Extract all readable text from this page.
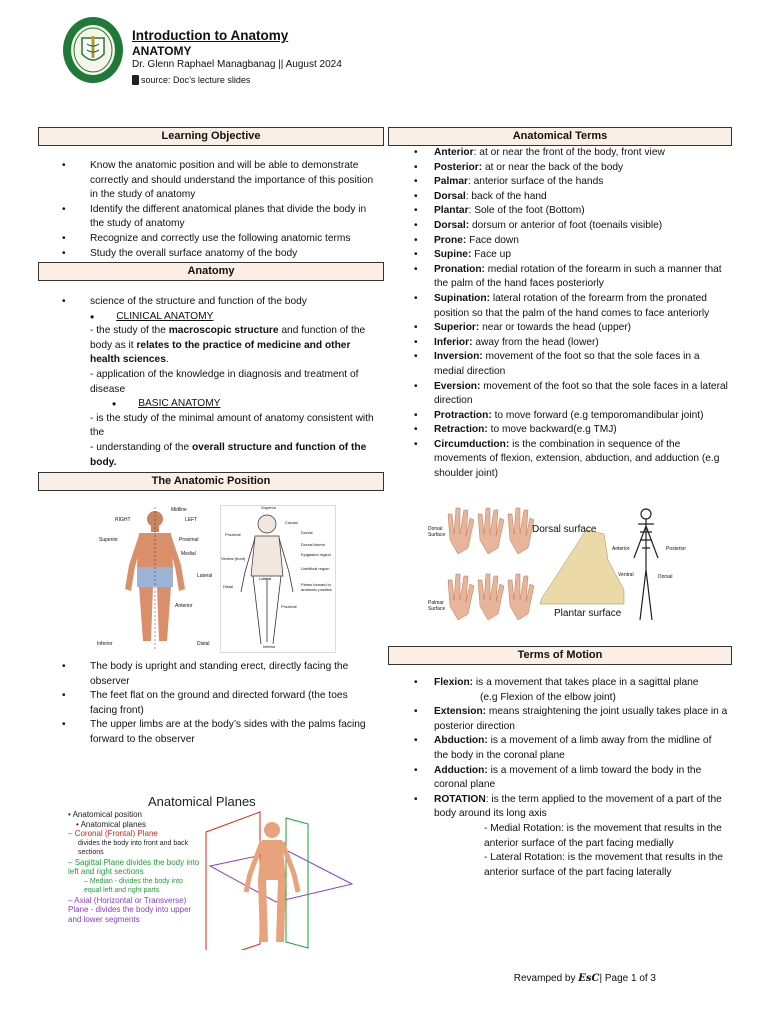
Introduction to Anatomy
ANATOMY
Dr. Glenn Raphael Managbanag || August 2024
source: Doc’s lecture slides
Learning Objective
• Know the anatomic position and will be able to demonstrate correctly and should understand the importance of this position in the study of anatomy
• Identify the different anatomical planes that divide the body in the study of anatomy
• Recognize and correctly use the following anatomic terms
• Study the overall surface anatomy of the body
Anatomy
• science of the structure and function of the body
• CLINICAL ANATOMY
- the study of the macroscopic structure and function of the body as it relates to the practice of medicine and other health sciences.
- application of the knowledge in diagnosis and treatment of disease
• BASIC ANATOMY
- is the study of the minimal amount of anatomy consistent with the
- understanding of the overall structure and function of the body.
The Anatomic Position
Midline
RIGHT	LEFT
Superior	Proximal
Medial
Lateral
Distal
Inferior
Anterior
Superior
Cranial
Proximal	Dorsal
Ventral (front)
Dorsal thumb
Epigastric region
Umbilical region
Distal
Lateral
Palms forward in anatomic position
Proximal
Inferior
• The body is upright and standing erect, directly facing the observer
• The feet flat on the ground and directed forward (the toes facing front)
• The upper limbs are at the body’s sides with the palms facing forward to the observer
Anatomical Planes
• Anatomical position
• Anatomical planes
– Coronal (Frontal) Plane
divides the body into front and back sections
– Sagittal Plane divides the body into left and right sections
– Median - divides the body into equal left and right parts
– Axial (Horizontal or Transverse) Plane - divides the body into upper and lower segments
Anatomical Terms
• Anterior: at or near the front of the body, front view
• Posterior: at or near the back of the body
• Palmar: anterior surface of the hands
• Dorsal: back of the hand
• Plantar: Sole of the foot (Bottom)
• Dorsal: dorsum or anterior of foot (toenails visible)
• Prone: Face down
• Supine: Face up
• Pronation: medial rotation of the forearm in such a manner that the palm of the hand faces posteriorly
• Supination: lateral rotation of the forearm from the pronated position so that the palm of the hand comes to face anteriorly
• Superior: near or towards the head (upper)
• Inferior: away from the head (lower)
• Inversion: movement of the foot so that the sole faces in a medial direction
• Eversion: movement of the foot so that the sole faces in a lateral direction
• Protraction: to move forward (e.g temporomandibular joint)
• Retraction: to move backward(e.g TMJ)
• Circumduction: is the combination in sequence of the movements of flexion, extension, abduction, and adduction (e.g shoulder joint)
Dorsal Surface
Palmar Surface
Dorsal surface
Plantar surface
Anterior	Posterior
Ventral	Dorsal
Terms of Motion
• Flexion: is a movement that takes place in a sagittal plane
(e.g Flexion of the elbow joint)
• Extension: means straightening the joint usually takes place in a posterior direction
• Abduction: is a movement of a limb away from the midline of the body in the coronal plane
• Adduction: is a movement of a limb toward the body in the coronal plane
• ROTATION: is the term applied to the movement of a part of the body around its long axis
- Medial Rotation: is the movement that results in the anterior surface of the part facing medially
- Lateral Rotation: is the movement that results in the anterior surface of the part facing laterally
Revamped by EsC| Page 1 of 3
